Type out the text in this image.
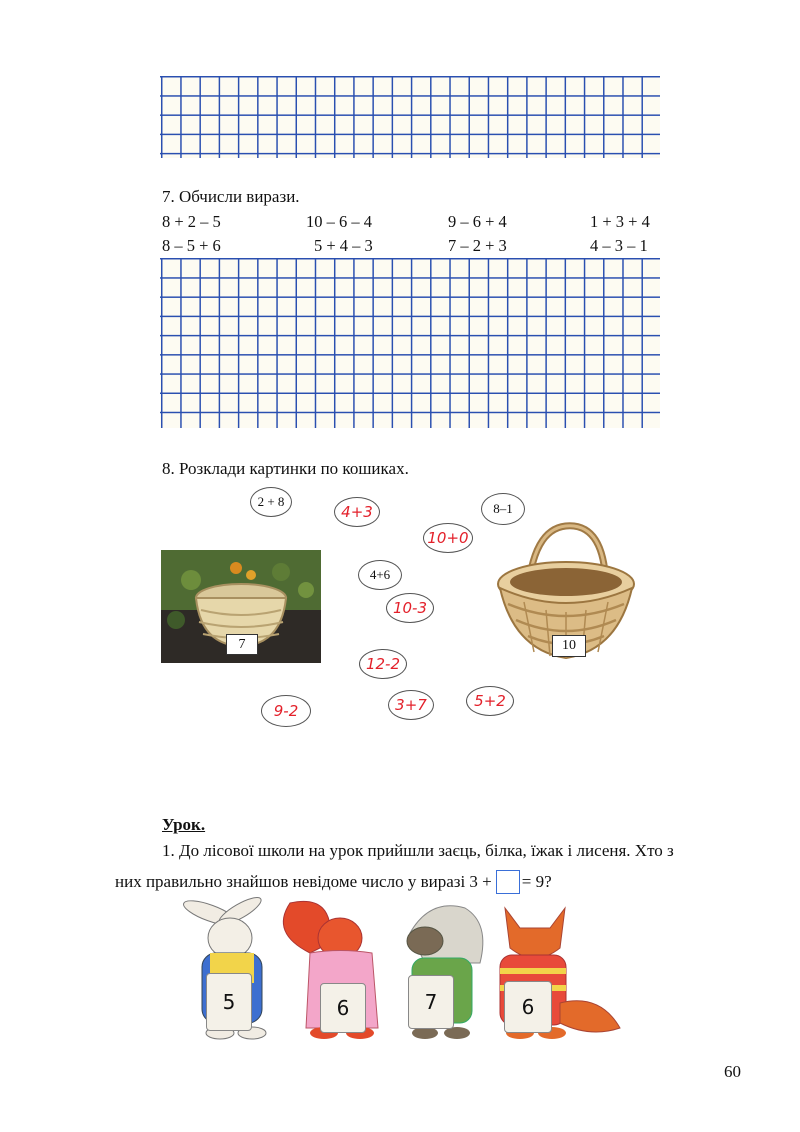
7. Обчисли вирази.
8 + 2 – 5	10 – 6 – 4	9 – 6 + 4	1 + 3 + 4
8 – 5 + 6	5 + 4 – 3	7 – 2 + 3	4 – 3 – 1
8. Розклади картинки по кошиках.
7	10
2 + 8
4+3	8–1
10+0
4+6
10-3
12-2
9-2	3+7	5+2
Урок.
1. До лісової школи на урок прийшли заєць, білка, їжак і лисеня. Хто з
них правильно знайшов невідоме число у виразі 3 + = 9?
5	6	7	6
60
